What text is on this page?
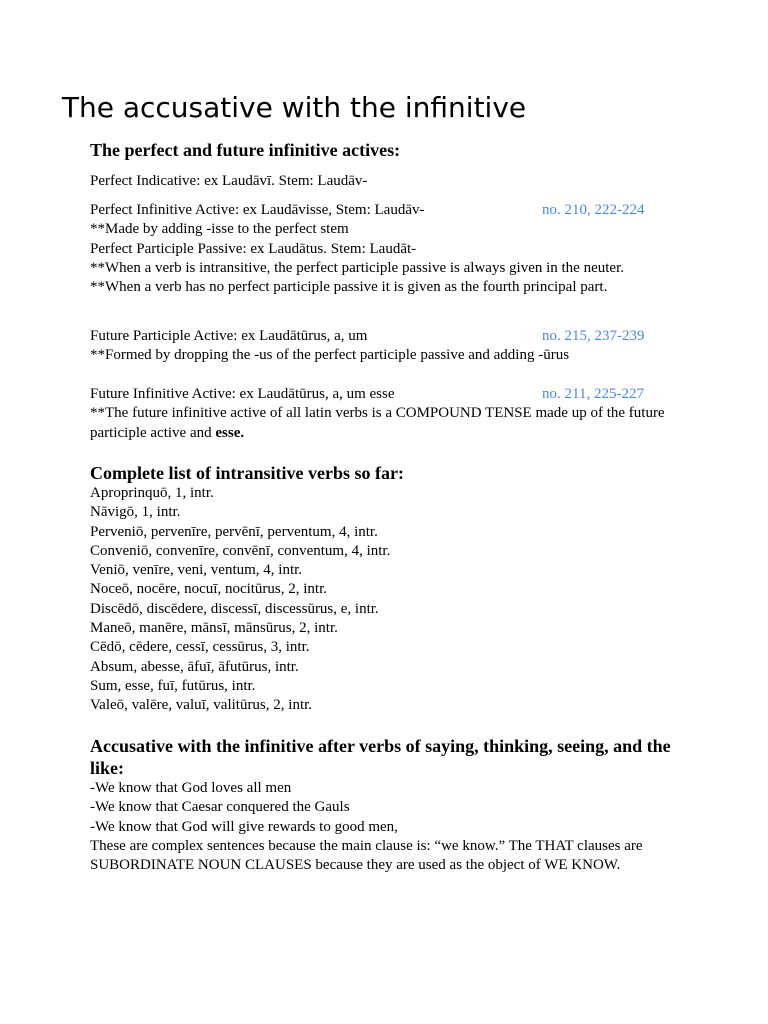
The accusative with the infinitive
The perfect and future infinitive actives:
Perfect Indicative: ex Laudāvī. Stem: Laudāv-
Perfect Infinitive Active: ex Laudāvisse, Stem: Laudāv-	no. 210, 222-224
**Made by adding -isse to the perfect stem
Perfect Participle Passive: ex Laudātus. Stem: Laudāt-
**When a verb is intransitive, the perfect participle passive is always given in the neuter.
**When a verb has no perfect participle passive it is given as the fourth principal part.
Future Participle Active: ex Laudātūrus, a, um	no. 215, 237-239
**Formed by dropping the -us of the perfect participle passive and adding -ūrus
Future Infinitive Active: ex Laudātūrus, a, um esse	no. 211, 225-227
**The future infinitive active of all latin verbs is a COMPOUND TENSE made up of the future participle active and esse.
Complete list of intransitive verbs so far:
Aproprinquō, 1, intr.
Nāvigō, 1, intr.
Perveniō, pervenīre, pervēnī, perventum, 4, intr.
Conveniō, convenīre, convēnī, conventum, 4, intr.
Veniō, venīre, veni, ventum, 4, intr.
Noceō, nocēre, nocuī, nocitūrus, 2, intr.
Discēdō, discēdere, discessī, discessūrus, e, intr.
Maneō, manēre, mānsī, mānsūrus, 2, intr.
Cēdō, cēdere, cessī, cessūrus, 3, intr.
Absum, abesse, āfuī, āfutūrus, intr.
Sum, esse, fuī, futūrus, intr.
Valeō, valēre, valuī, valitūrus, 2, intr.
Accusative with the infinitive after verbs of saying, thinking, seeing, and the like:
-We know that God loves all men
-We know that Caesar conquered the Gauls
-We know that God will give rewards to good men,
These are complex sentences because the main clause is: “we know.” The THAT clauses are SUBORDINATE NOUN CLAUSES because they are used as the object of WE KNOW.
